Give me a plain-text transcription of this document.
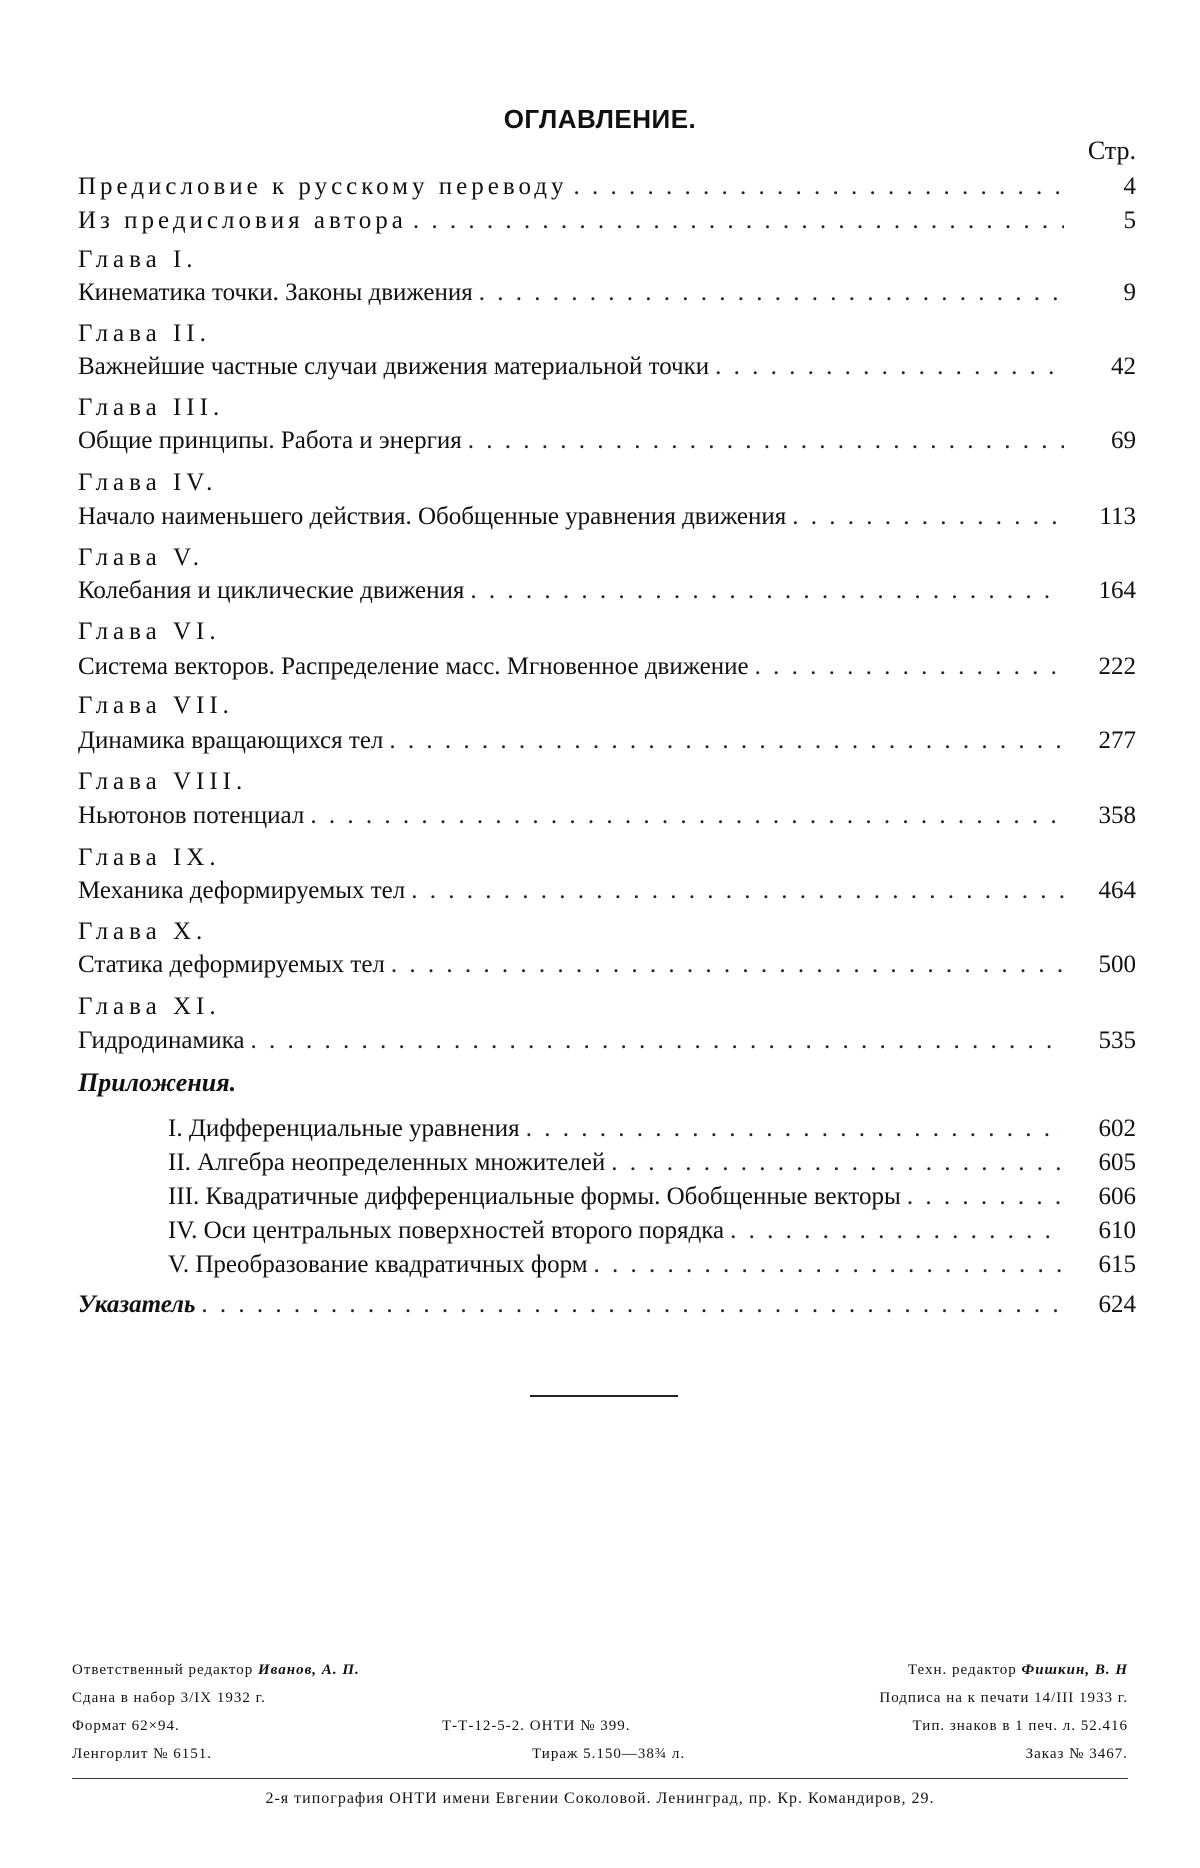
ОГЛАВЛЕНИЕ.
Стр.
Предисловие к русскому переводу . . .	4
Из предисловия автора . . .	5
Глава I.
Кинематика точки. Законы движения . . .	9
Глава II.
Важнейшие частные случаи движения материальной точки . . .	42
Глава III.
Общие принципы. Работа и энергия . . .	69
Глава IV.
Начало наименьшего действия. Обобщенные уравнения движения . . .	113
Глава V.
Колебания и циклические движения . . .	164
Глава VI.
Система векторов. Распределение масс. Мгновенное движение . . .	222
Глава VII.
Динамика вращающихся тел . . .	277
Глава VIII.
Ньютонов потенциал . . .	358
Глава IX.
Механика деформируемых тел . . .	464
Глава X.
Статика деформируемых тел . . .	500
Глава XI.
Гидродинамика . . .	535
Приложения.
I. Дифференциальные уравнения . . .	602
II. Алгебра неопределенных множителей . . .	605
III. Квадратичные дифференциальные формы. Обобщенные векторы . . .	606
IV. Оси центральных поверхностей второго порядка . . .	610
V. Преобразование квадратичных форм . . .	615
Указатель . . .	624
Ответственный редактор Иванов, А. П.	Техн. редактор Фишкин, В. Н
Сдана в набор 3/IX 1932 г.	Подписа на к печати 14/III 1933 г.
Формат 62×94.	Т-Т-12-5-2. ОНТИ № 399.	Тип. знаков в 1 печ. л. 52.416
Ленгорлит № 6151.	Тираж 5.150—38¾ л.	Заказ № 3467.
2-я типография ОНТИ имени Евгении Соколовой. Ленинград, пр. Кр. Командиров, 29.
